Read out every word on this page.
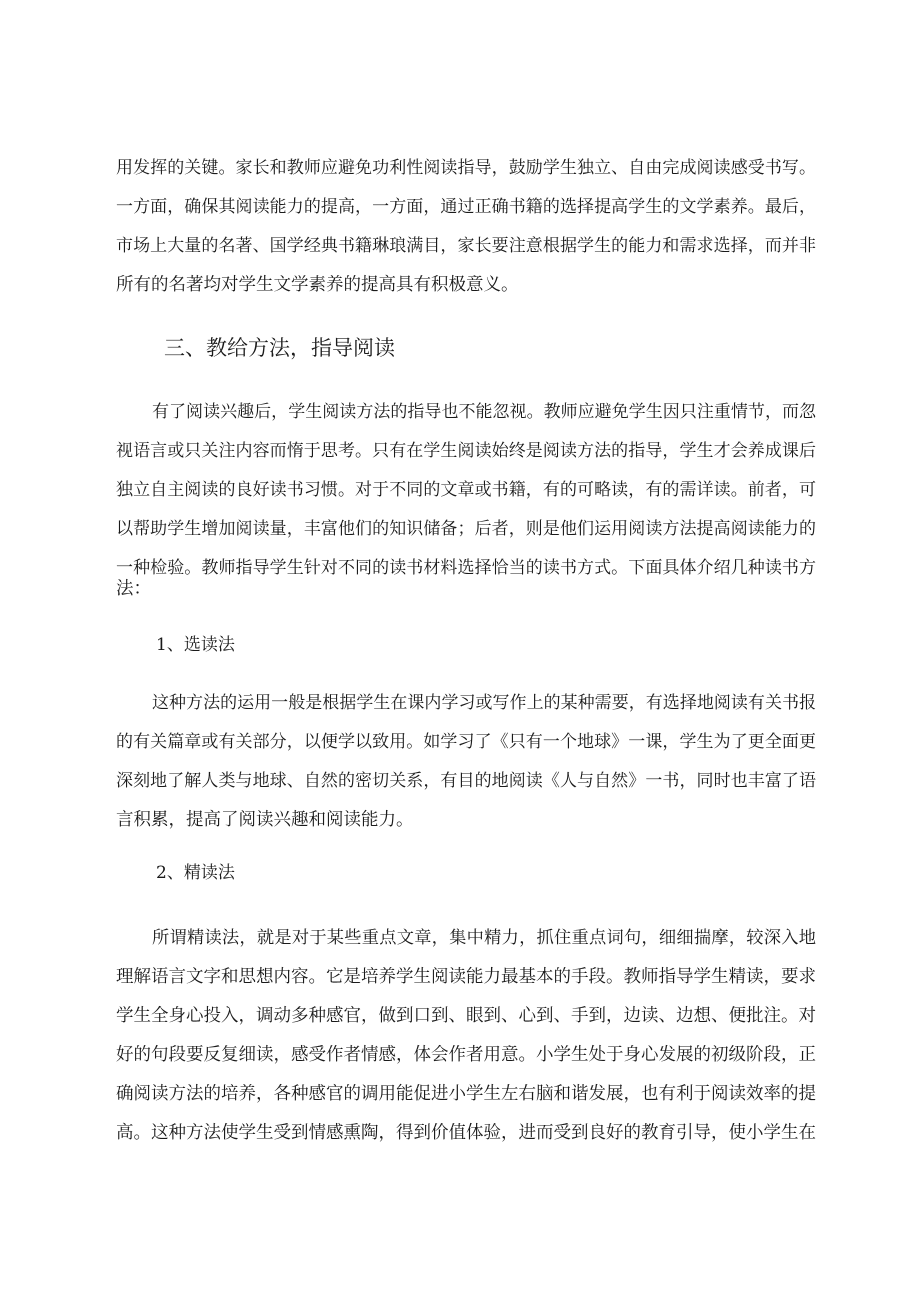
用发挥的关键。家长和教师应避免功利性阅读指导，鼓励学生独立、自由完成阅读感受书写。
一方面，确保其阅读能力的提高，一方面，通过正确书籍的选择提高学生的文学素养。最后，
市场上大量的名著、国学经典书籍琳琅满目，家长要注意根据学生的能力和需求选择，而并非
所有的名著均对学生文学素养的提高具有积极意义。
三、教给方法，指导阅读
有了阅读兴趣后，学生阅读方法的指导也不能忽视。教师应避免学生因只注重情节，而忽
视语言或只关注内容而惰于思考。只有在学生阅读始终是阅读方法的指导，学生才会养成课后
独立自主阅读的良好读书习惯。对于不同的文章或书籍，有的可略读，有的需详读。前者，可
以帮助学生增加阅读量，丰富他们的知识储备；后者，则是他们运用阅读方法提高阅读能力的
一种检验。教师指导学生针对不同的读书材料选择恰当的读书方式。下面具体介绍几种读书方
法：
1、选读法
这种方法的运用一般是根据学生在课内学习或写作上的某种需要，有选择地阅读有关书报
的有关篇章或有关部分，以便学以致用。如学习了《只有一个地球》一课，学生为了更全面更
深刻地了解人类与地球、自然的密切关系，有目的地阅读《人与自然》一书，同时也丰富了语
言积累，提高了阅读兴趣和阅读能力。
2、精读法
所谓精读法，就是对于某些重点文章，集中精力，抓住重点词句，细细揣摩，较深入地
理解语言文字和思想内容。它是培养学生阅读能力最基本的手段。教师指导学生精读，要求
学生全身心投入，调动多种感官，做到口到、眼到、心到、手到，边读、边想、便批注。对
好的句段要反复细读，感受作者情感，体会作者用意。小学生处于身心发展的初级阶段，正
确阅读方法的培养，各种感官的调用能促进小学生左右脑和谐发展，也有利于阅读效率的提
高。这种方法使学生受到情感熏陶，得到价值体验，进而受到良好的教育引导，使小学生在
